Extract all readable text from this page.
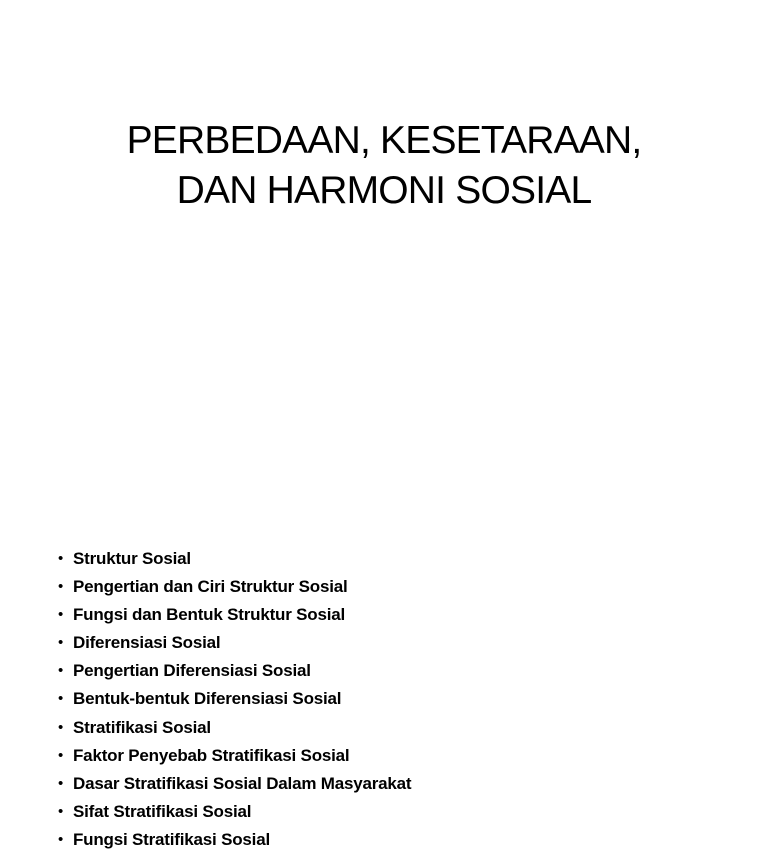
PERBEDAAN, KESETARAAN,
DAN HARMONI SOSIAL
• Struktur Sosial
• Pengertian dan Ciri Struktur Sosial
• Fungsi dan Bentuk Struktur Sosial
• Diferensiasi Sosial
• Pengertian Diferensiasi Sosial
• Bentuk-bentuk Diferensiasi Sosial
• Stratifikasi Sosial
• Faktor Penyebab Stratifikasi Sosial
• Dasar Stratifikasi Sosial Dalam Masyarakat
• Sifat Stratifikasi Sosial
• Fungsi Stratifikasi Sosial
